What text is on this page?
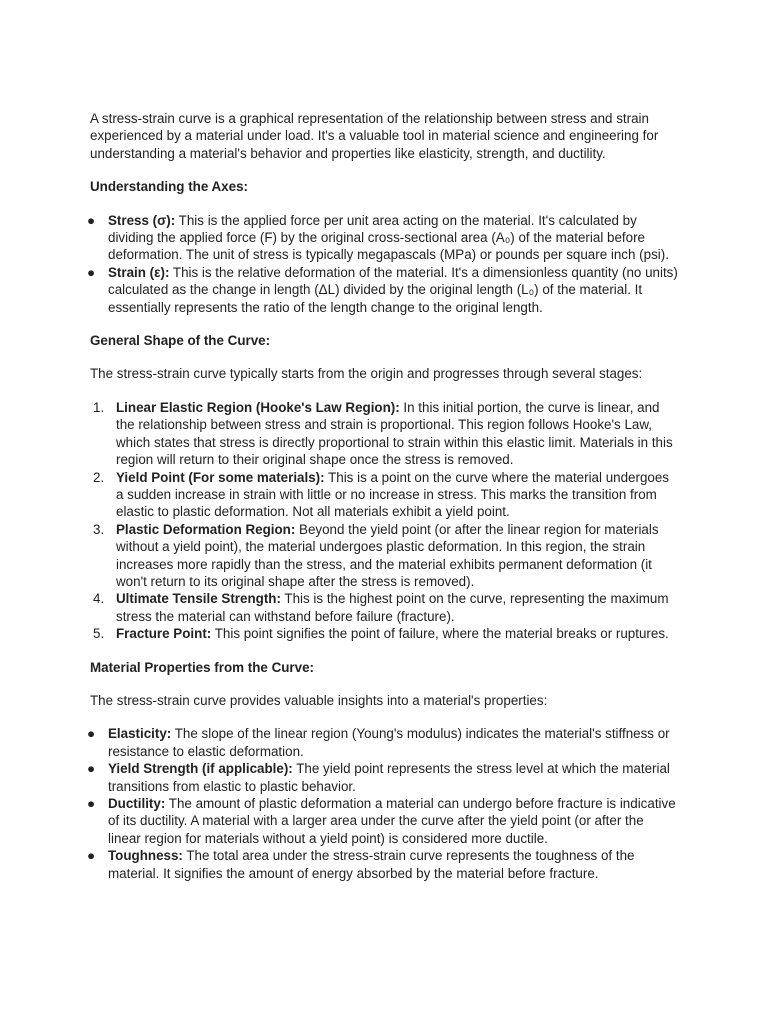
A stress-strain curve is a graphical representation of the relationship between stress and strain experienced by a material under load. It's a valuable tool in material science and engineering for understanding a material's behavior and properties like elasticity, strength, and ductility.

Understanding the Axes:

● Stress (σ): This is the applied force per unit area acting on the material. It's calculated by dividing the applied force (F) by the original cross-sectional area (A₀) of the material before deformation. The unit of stress is typically megapascals (MPa) or pounds per square inch (psi).
● Strain (ε): This is the relative deformation of the material. It's a dimensionless quantity (no units) calculated as the change in length (ΔL) divided by the original length (L₀) of the material. It essentially represents the ratio of the length change to the original length.

General Shape of the Curve:

The stress-strain curve typically starts from the origin and progresses through several stages:

1. Linear Elastic Region (Hooke's Law Region): In this initial portion, the curve is linear, and the relationship between stress and strain is proportional. This region follows Hooke's Law, which states that stress is directly proportional to strain within this elastic limit. Materials in this region will return to their original shape once the stress is removed.
2. Yield Point (For some materials): This is a point on the curve where the material undergoes a sudden increase in strain with little or no increase in stress. This marks the transition from elastic to plastic deformation. Not all materials exhibit a yield point.
3. Plastic Deformation Region: Beyond the yield point (or after the linear region for materials without a yield point), the material undergoes plastic deformation. In this region, the strain increases more rapidly than the stress, and the material exhibits permanent deformation (it won't return to its original shape after the stress is removed).
4. Ultimate Tensile Strength: This is the highest point on the curve, representing the maximum stress the material can withstand before failure (fracture).
5. Fracture Point: This point signifies the point of failure, where the material breaks or ruptures.

Material Properties from the Curve:

The stress-strain curve provides valuable insights into a material's properties:

● Elasticity: The slope of the linear region (Young's modulus) indicates the material's stiffness or resistance to elastic deformation.
● Yield Strength (if applicable): The yield point represents the stress level at which the material transitions from elastic to plastic behavior.
● Ductility: The amount of plastic deformation a material can undergo before fracture is indicative of its ductility. A material with a larger area under the curve after the yield point (or after the linear region for materials without a yield point) is considered more ductile.
● Toughness: The total area under the stress-strain curve represents the toughness of the material. It signifies the amount of energy absorbed by the material before fracture.
